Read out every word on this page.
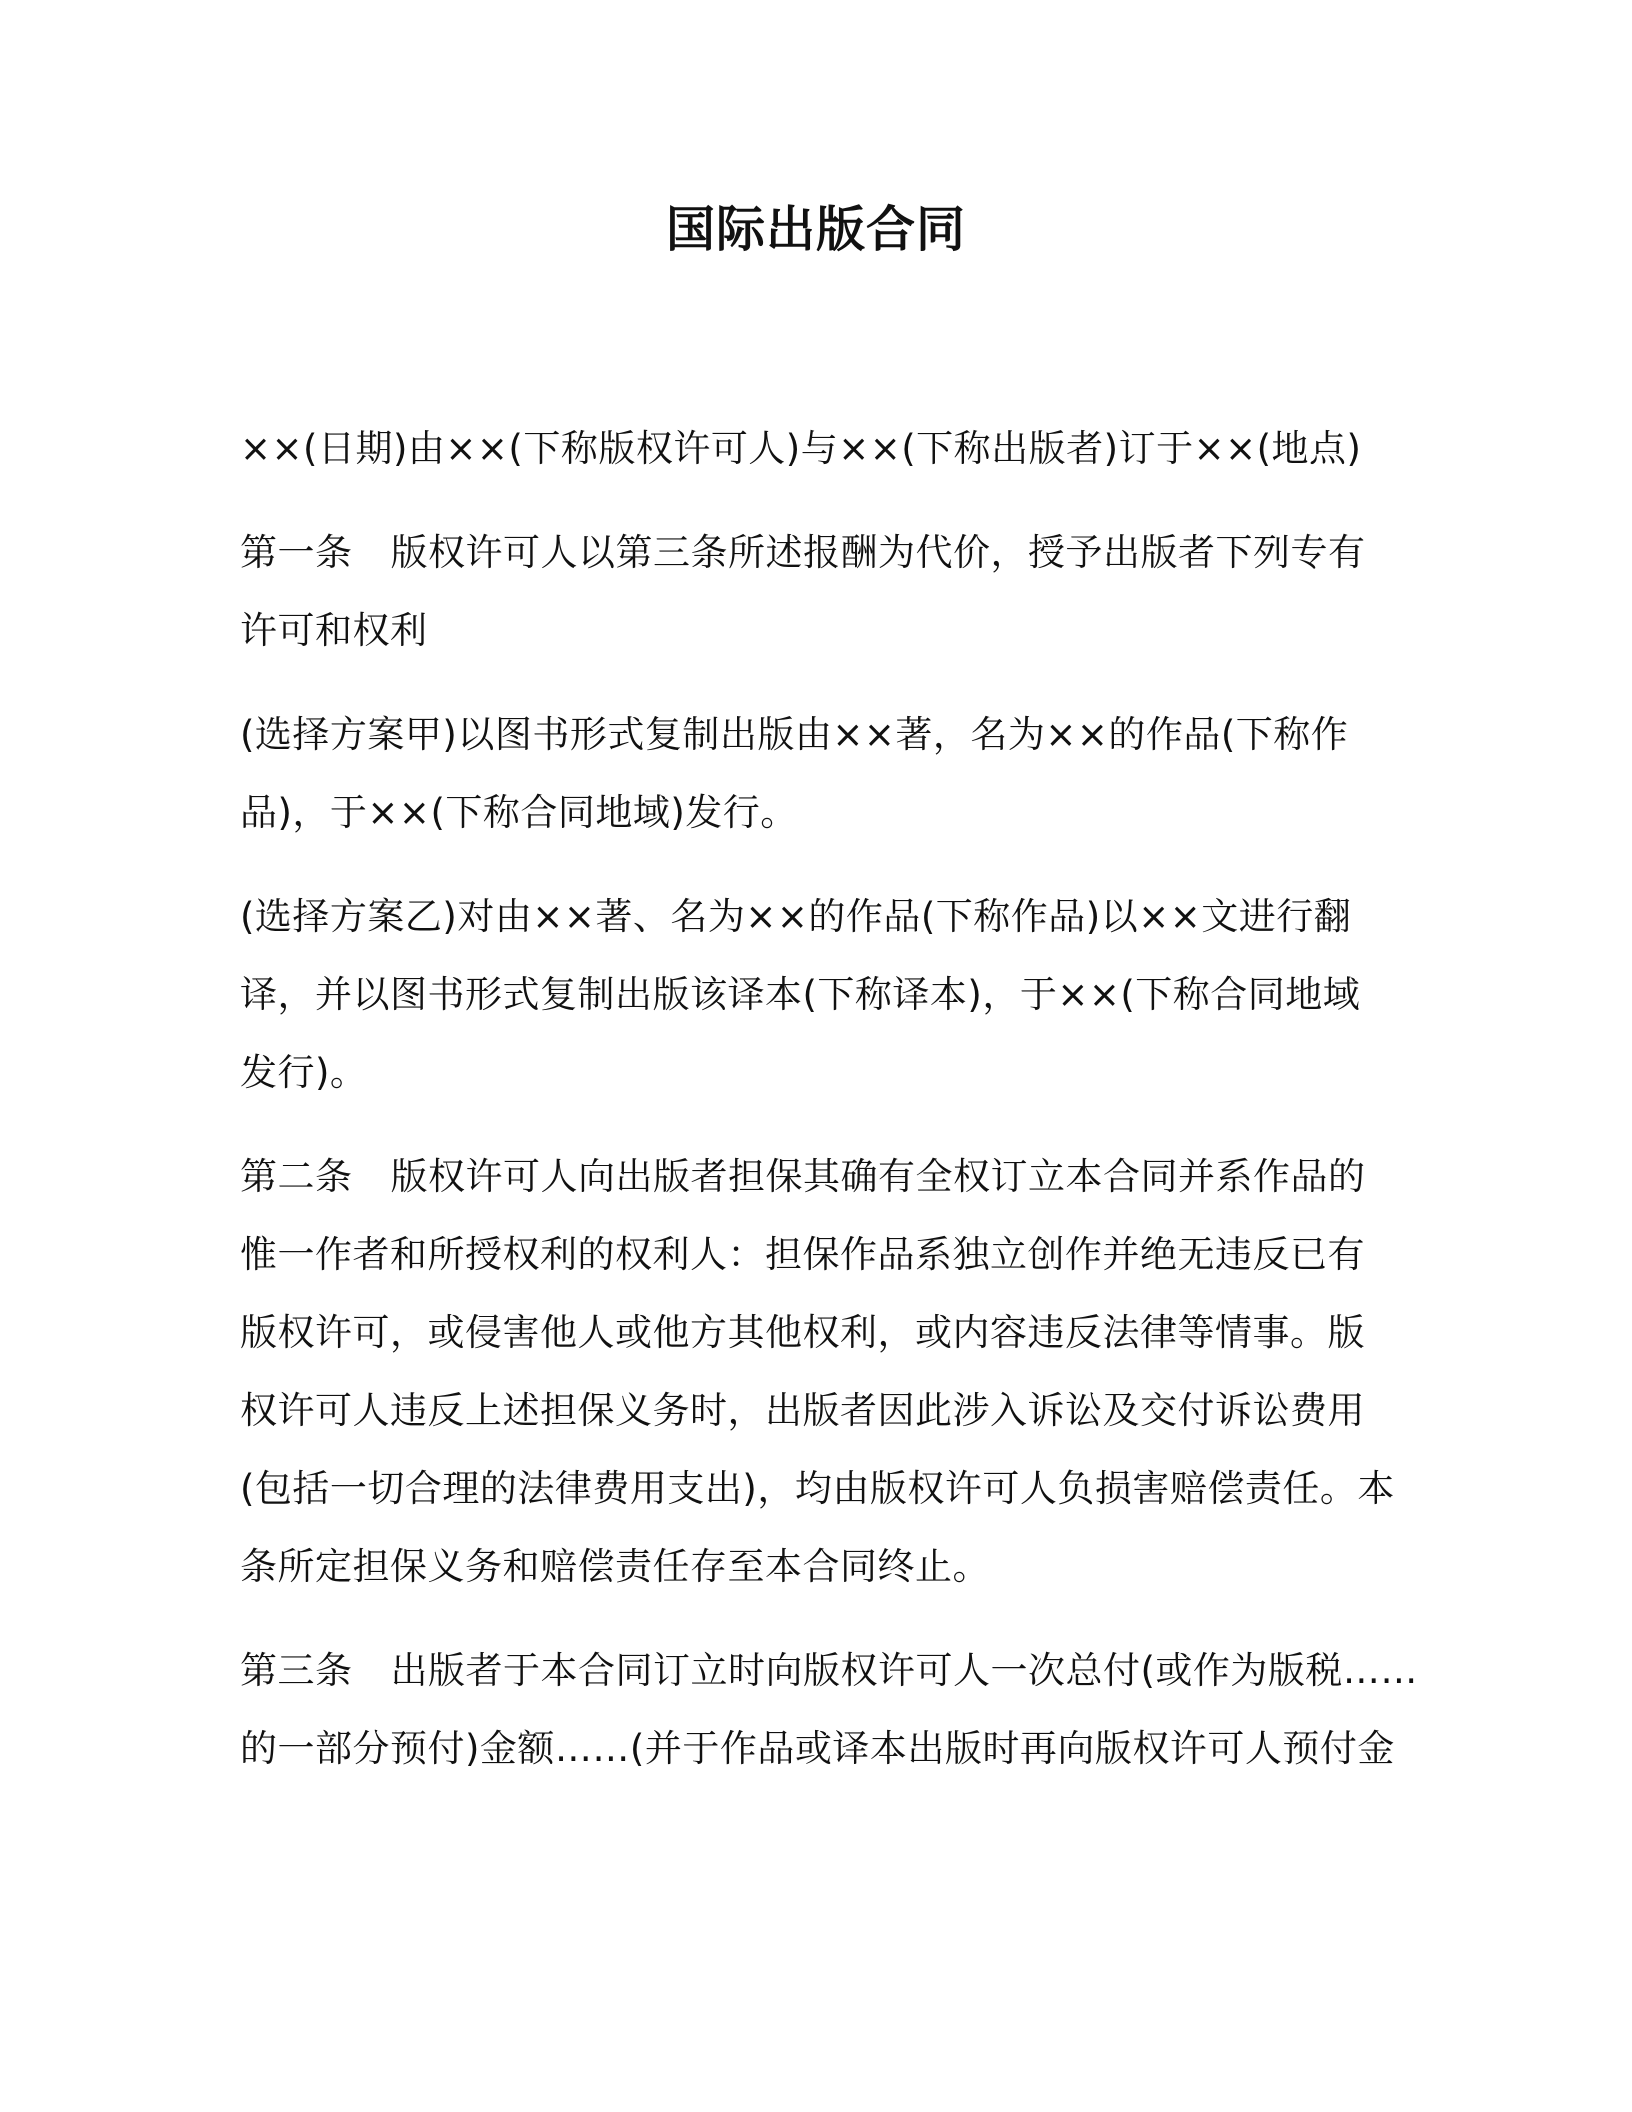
国际出版合同

××(日期)由××(下称版权许可人)与××(下称出版者)订于××(地点)

第一条 版权许可人以第三条所述报酬为代价，授予出版者下列专有
许可和权利

(选择方案甲)以图书形式复制出版由××著，名为××的作品(下称作
品)，于××(下称合同地域)发行。

(选择方案乙)对由××著、名为××的作品(下称作品)以××文进行翻
译，并以图书形式复制出版该译本(下称译本)，于××(下称合同地域
发行)。

第二条 版权许可人向出版者担保其确有全权订立本合同并系作品的
惟一作者和所授权利的权利人：担保作品系独立创作并绝无违反已有
版权许可，或侵害他人或他方其他权利，或内容违反法律等情事。版
权许可人违反上述担保义务时，出版者因此涉入诉讼及交付诉讼费用
(包括一切合理的法律费用支出)，均由版权许可人负损害赔偿责任。本
条所定担保义务和赔偿责任存至本合同终止。

第三条 出版者于本合同订立时向版权许可人一次总付(或作为版税……
的一部分预付)金额……(并于作品或译本出版时再向版权许可人预付金
